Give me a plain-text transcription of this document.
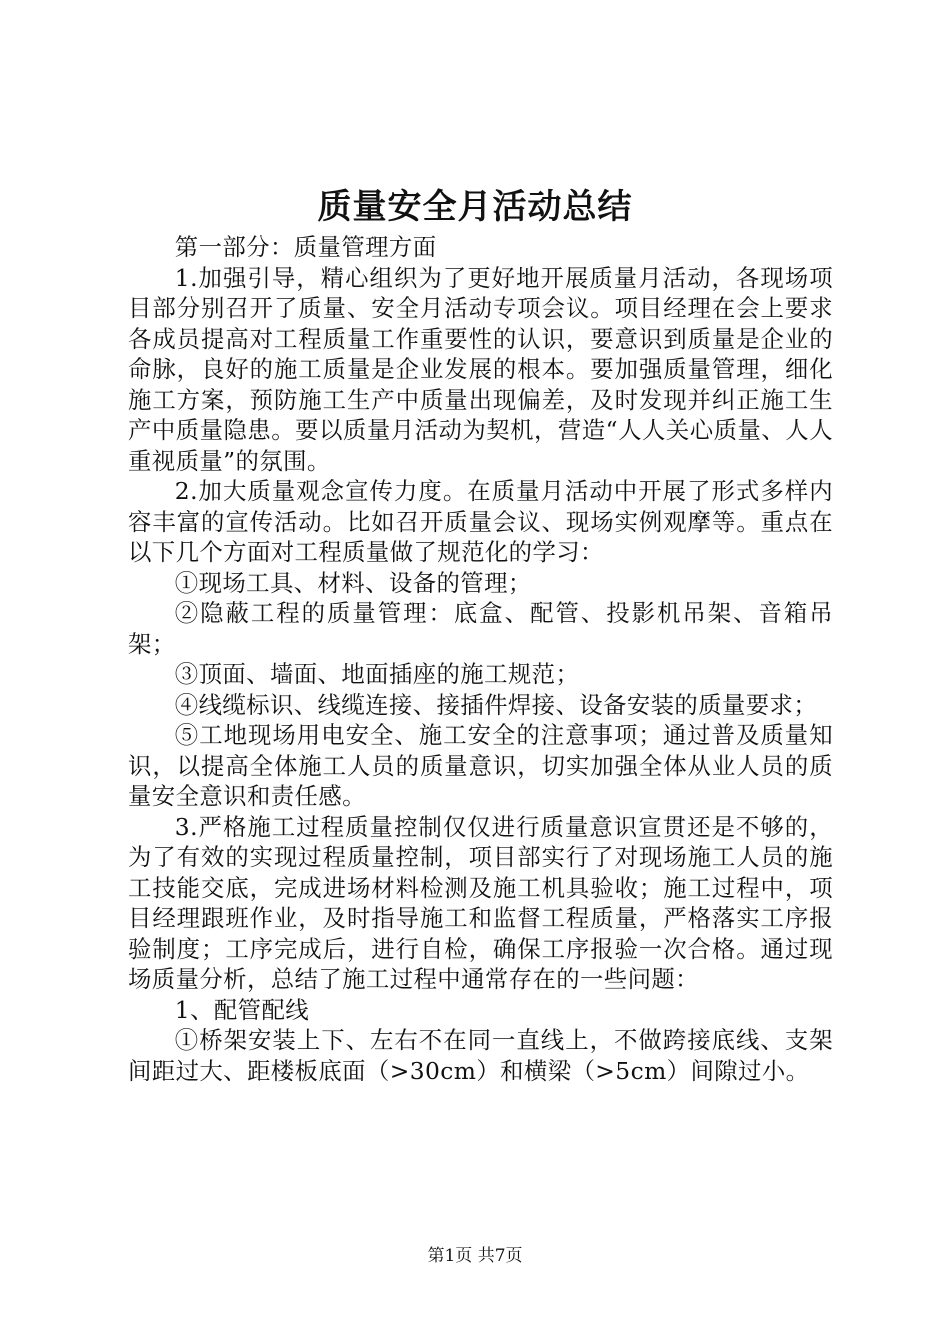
质量安全月活动总结

第一部分：质量管理方面

1.加强引导，精心组织为了更好地开展质量月活动，各现场项目部分别召开了质量、安全月活动专项会议。项目经理在会上要求各成员提高对工程质量工作重要性的认识，要意识到质量是企业的命脉，良好的施工质量是企业发展的根本。要加强质量管理，细化施工方案，预防施工生产中质量出现偏差，及时发现并纠正施工生产中质量隐患。要以质量月活动为契机，营造“人人关心质量、人人重视质量”的氛围。

2.加大质量观念宣传力度。在质量月活动中开展了形式多样内容丰富的宣传活动。比如召开质量会议、现场实例观摩等。重点在以下几个方面对工程质量做了规范化的学习：

①现场工具、材料、设备的管理；

②隐蔽工程的质量管理：底盒、配管、投影机吊架、音箱吊架；

③顶面、墙面、地面插座的施工规范；

④线缆标识、线缆连接、接插件焊接、设备安装的质量要求；

⑤工地现场用电安全、施工安全的注意事项；通过普及质量知识，以提高全体施工人员的质量意识，切实加强全体从业人员的质量安全意识和责任感。

3.严格施工过程质量控制仅仅进行质量意识宣贯还是不够的，为了有效的实现过程质量控制，项目部实行了对现场施工人员的施工技能交底，完成进场材料检测及施工机具验收；施工过程中，项目经理跟班作业，及时指导施工和监督工程质量，严格落实工序报验制度；工序完成后，进行自检，确保工序报验一次合格。通过现场质量分析，总结了施工过程中通常存在的一些问题：

1、配管配线

①桥架安装上下、左右不在同一直线上，不做跨接底线、支架间距过大、距楼板底面（>30cm）和横梁（>5cm）间隙过小。

第1页 共7页
